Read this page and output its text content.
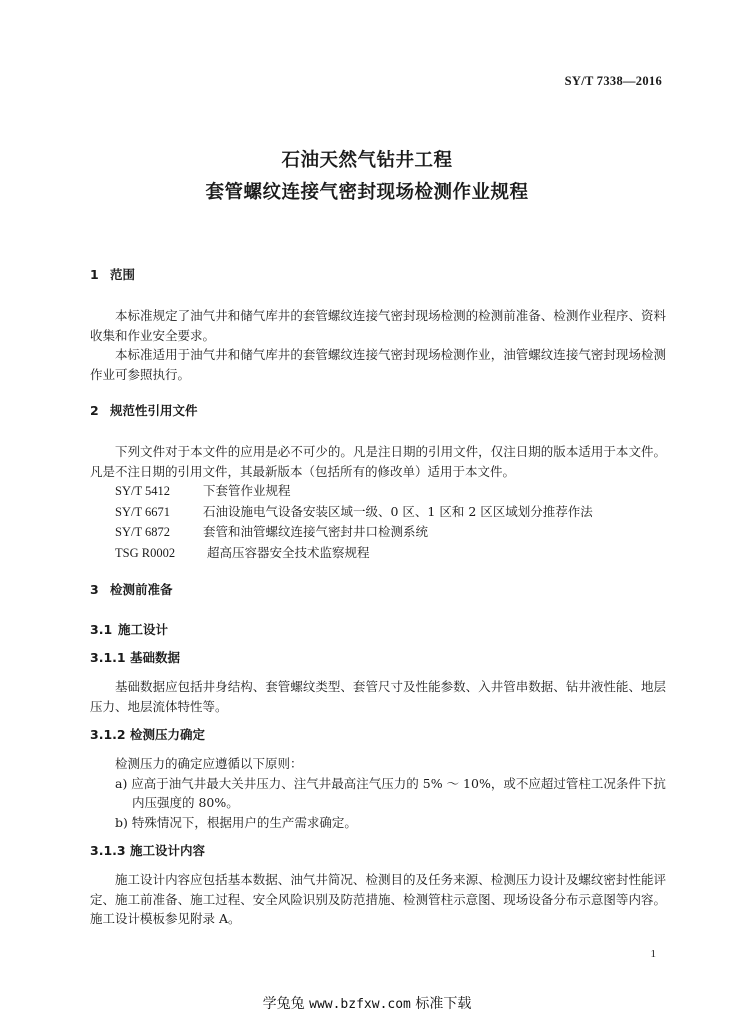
SY/T 7338—2016
石油天然气钻井工程
套管螺纹连接气密封现场检测作业规程
1 范围

本标准规定了油气井和储气库井的套管螺纹连接气密封现场检测的检测前准备、检测作业程序、资料收集和作业安全要求。

本标准适用于油气井和储气库井的套管螺纹连接气密封现场检测作业，油管螺纹连接气密封现场检测作业可参照执行。

2 规范性引用文件

下列文件对于本文件的应用是必不可少的。凡是注日期的引用文件，仅注日期的版本适用于本文件。凡是不注日期的引用文件，其最新版本（包括所有的修改单）适用于本文件。

SY/T 5412	下套管作业规程
SY/T 6671	石油设施电气设备安装区域一级、0 区、1 区和 2 区区域划分推荐作法
SY/T 6872	套管和油管螺纹连接气密封井口检测系统
TSG R0002	超高压容器安全技术监察规程
3 检测前准备
3.1 施工设计
3.1.1 基础数据

基础数据应包括井身结构、套管螺纹类型、套管尺寸及性能参数、入井管串数据、钻井液性能、地层压力、地层流体特性等。

3.1.2 检测压力确定

检测压力的确定应遵循以下原则：

a) 应高于油气井最大关井压力、注气井最高注气压力的 5% ～ 10%，或不应超过管柱工况条件下抗内压强度的 80%。

b) 特殊情况下，根据用户的生产需求确定。

3.1.3 施工设计内容

施工设计内容应包括基本数据、油气井简况、检测目的及任务来源、检测压力设计及螺纹密封性能评定、施工前准备、施工过程、安全风险识别及防范措施、检测管柱示意图、现场设备分布示意图等内容。施工设计模板参见附录 A。

1
学兔兔 www.bzfxw.com 标准下载
